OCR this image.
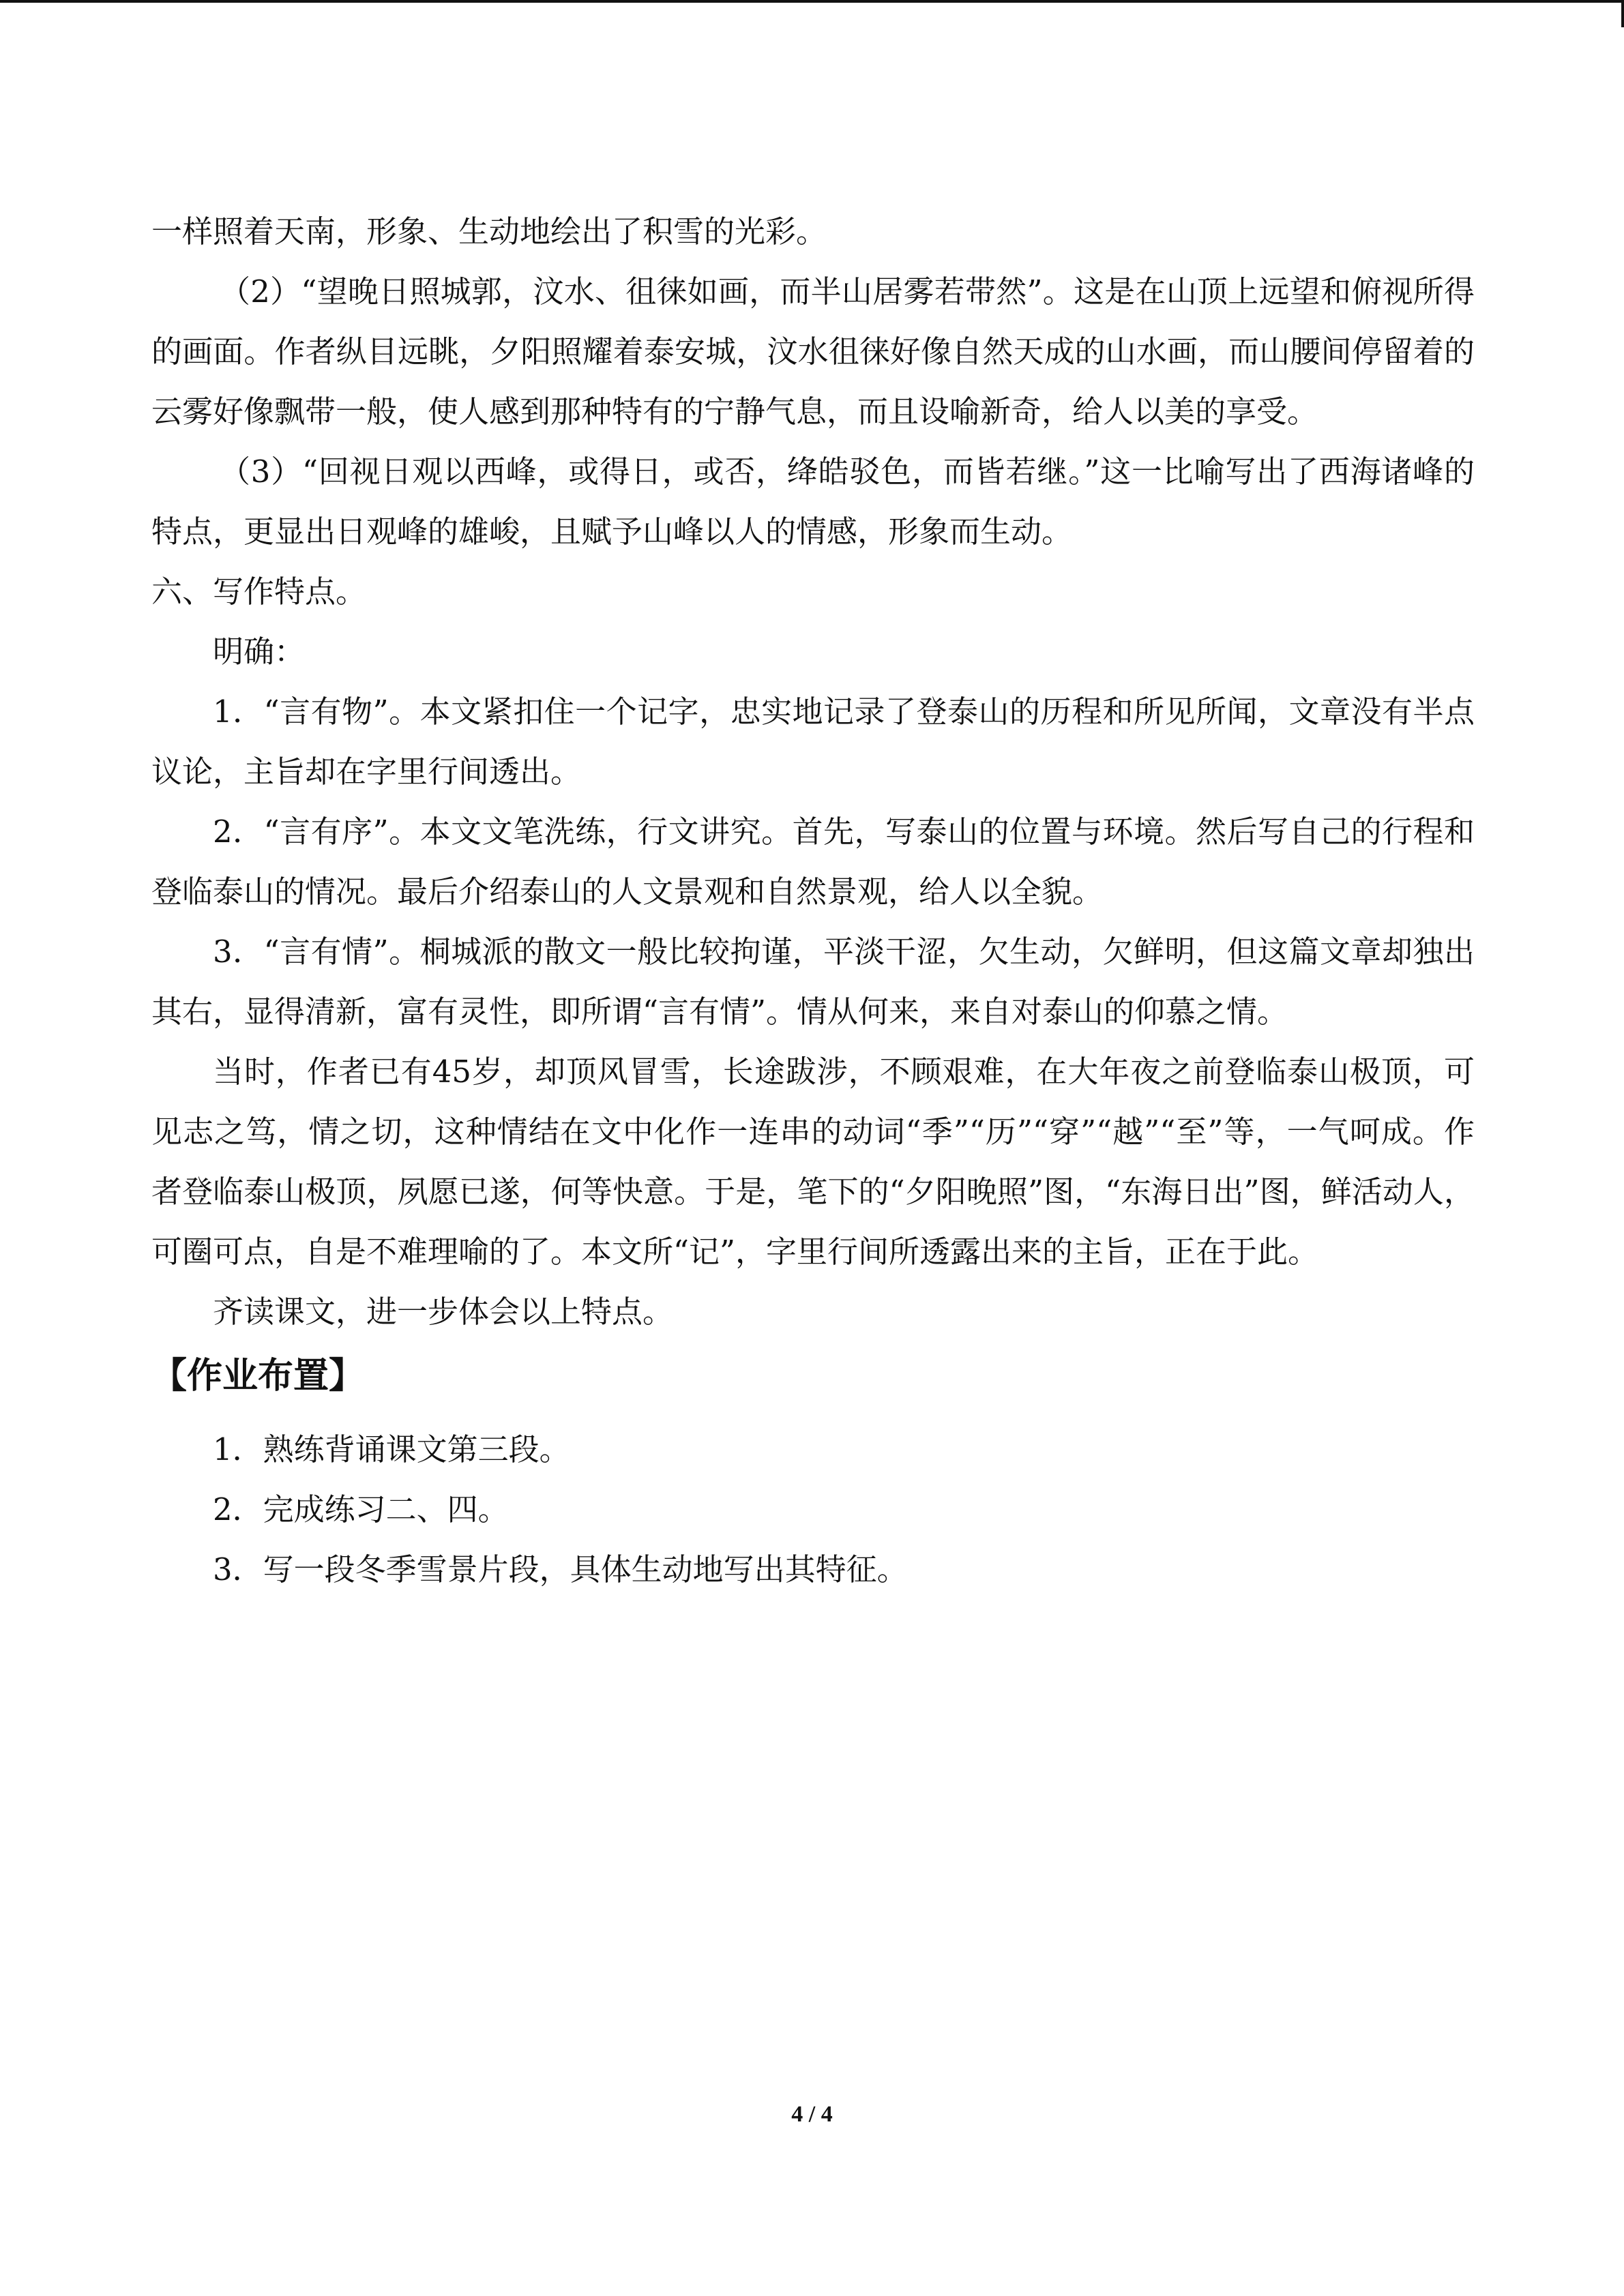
一样照着天南，形象、生动地绘出了积雪的光彩。

（2）“望晚日照城郭，汶水、徂徕如画，而半山居雾若带然”。这是在山顶上远望和俯视所得的画面。作者纵目远眺，夕阳照耀着泰安城，汶水徂徕好像自然天成的山水画，而山腰间停留着的云雾好像飘带一般，使人感到那种特有的宁静气息，而且设喻新奇，给人以美的享受。

（3）“回视日观以西峰，或得日，或否，绛皓驳色，而皆若继。”这一比喻写出了西海诸峰的特点，更显出日观峰的雄峻，且赋予山峰以人的情感，形象而生动。

六、写作特点。

明确：

1．“言有物”。本文紧扣住一个记字，忠实地记录了登泰山的历程和所见所闻，文章没有半点议论，主旨却在字里行间透出。

2．“言有序”。本文文笔洗练，行文讲究。首先，写泰山的位置与环境。然后写自己的行程和登临泰山的情况。最后介绍泰山的人文景观和自然景观，给人以全貌。

3．“言有情”。桐城派的散文一般比较拘谨，平淡干涩，欠生动，欠鲜明，但这篇文章却独出其右，显得清新，富有灵性，即所谓“言有情”。情从何来，来自对泰山的仰慕之情。

当时，作者已有45岁，却顶风冒雪，长途跋涉，不顾艰难，在大年夜之前登临泰山极顶，可见志之笃，情之切，这种情结在文中化作一连串的动词“季”“历”“穿”“越”“至”等，一气呵成。作者登临泰山极顶，夙愿已遂，何等快意。于是，笔下的“夕阳晚照”图，“东海日出”图，鲜活动人，可圈可点，自是不难理喻的了。本文所“记”，字里行间所透露出来的主旨，正在于此。

齐读课文，进一步体会以上特点。

【作业布置】

1．熟练背诵课文第三段。

2．完成练习二、四。

3．写一段冬季雪景片段，具体生动地写出其特征。

4 / 4
